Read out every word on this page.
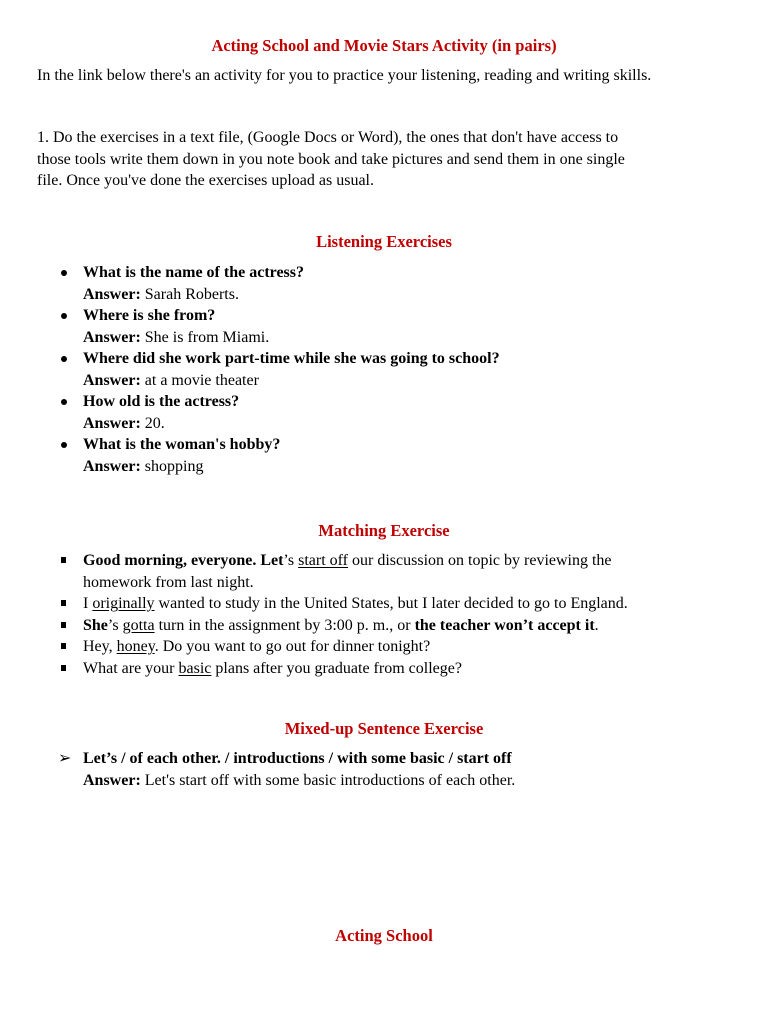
Acting School and Movie Stars Activity (in pairs)
In the link below there's an activity for you to practice your listening, reading and writing skills.
1. Do the exercises in a text file, (Google Docs or Word), the ones that don't have access to
those tools write them down in you note book and take pictures and send them in one single
file. Once you've done the exercises upload as usual.
Listening Exercises
What is the name of the actress?
Answer: Sarah Roberts.
Where is she from?
Answer: She is from Miami.
Where did she work part-time while she was going to school?
Answer: at a movie theater
How old is the actress?
Answer: 20.
What is the woman's hobby?
Answer: shopping
Matching Exercise
Good morning, everyone. Let’s start off our discussion on topic by reviewing the
homework from last night.
I originally wanted to study in the United States, but I later decided to go to England.
She’s gotta turn in the assignment by 3:00 p. m., or the teacher won’t accept it.
Hey, honey. Do you want to go out for dinner tonight?
What are your basic plans after you graduate from college?
Mixed-up Sentence Exercise
➢ Let’s / of each other. / introductions / with some basic / start off
Answer: Let's start off with some basic introductions of each other.
Acting School
